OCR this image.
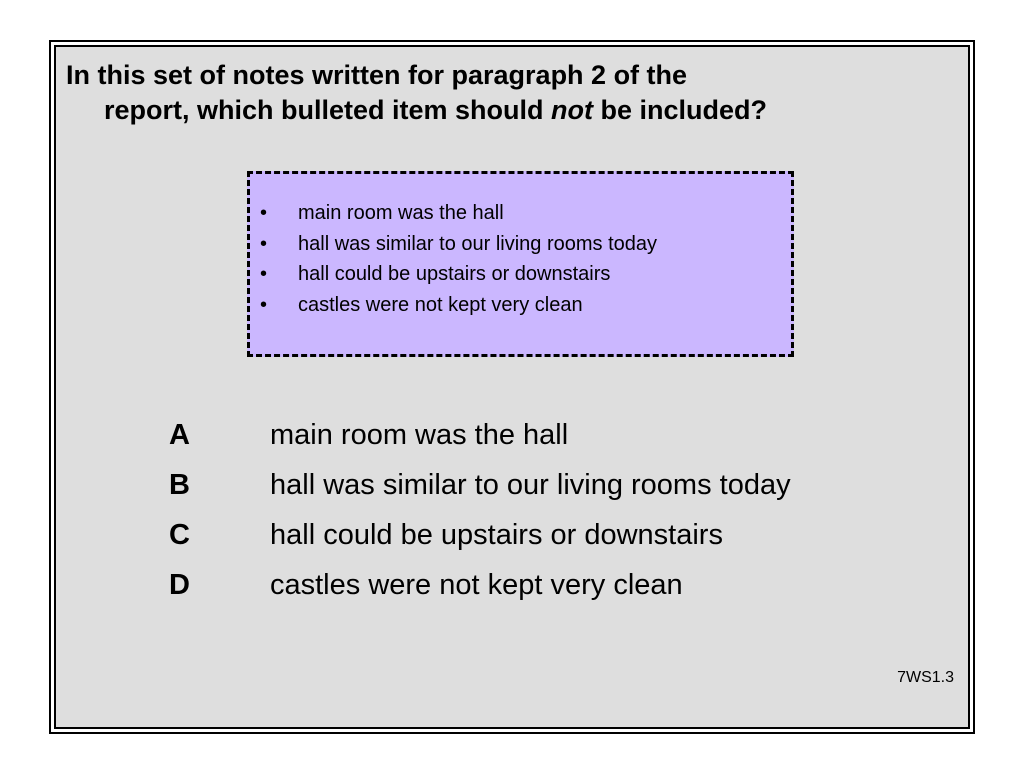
In this set of notes written for paragraph 2 of the
report, which bulleted item should not be included?

• main room was the hall
• hall was similar to our living rooms today
• hall could be upstairs or downstairs
• castles were not kept very clean
A	main room was the hall
B	hall was similar to our living rooms today
C	hall could be upstairs or downstairs
D	castles were not kept very clean
7WS1.3
